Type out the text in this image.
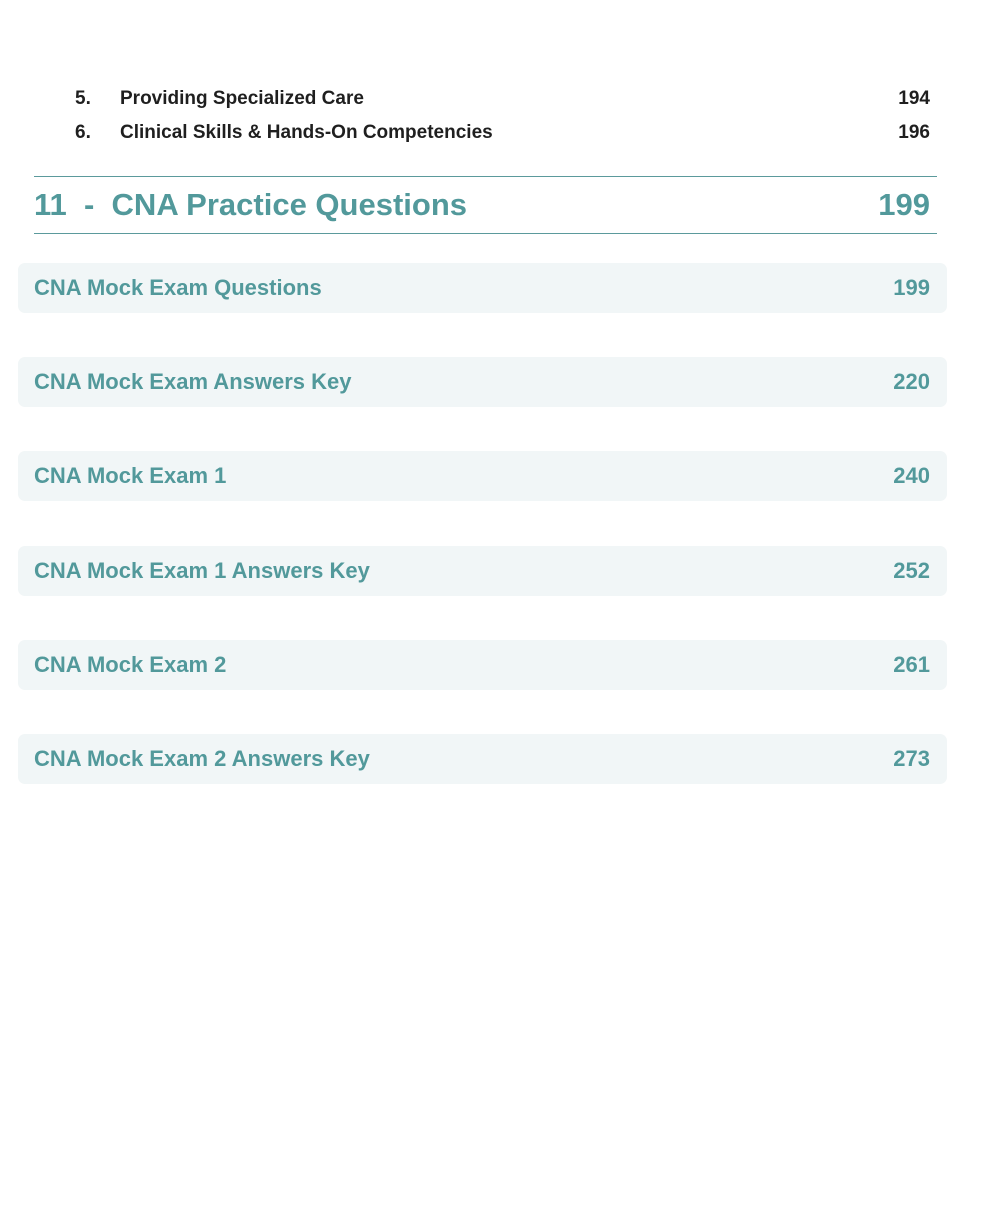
5. Providing Specialized Care	194
6. Clinical Skills & Hands-On Competencies	196
11  -  CNA Practice Questions	199
CNA Mock Exam Questions	199
CNA Mock Exam Answers Key	220
CNA Mock Exam 1	240
CNA Mock Exam 1 Answers Key	252
CNA Mock Exam 2	261
CNA Mock Exam 2 Answers Key	273
